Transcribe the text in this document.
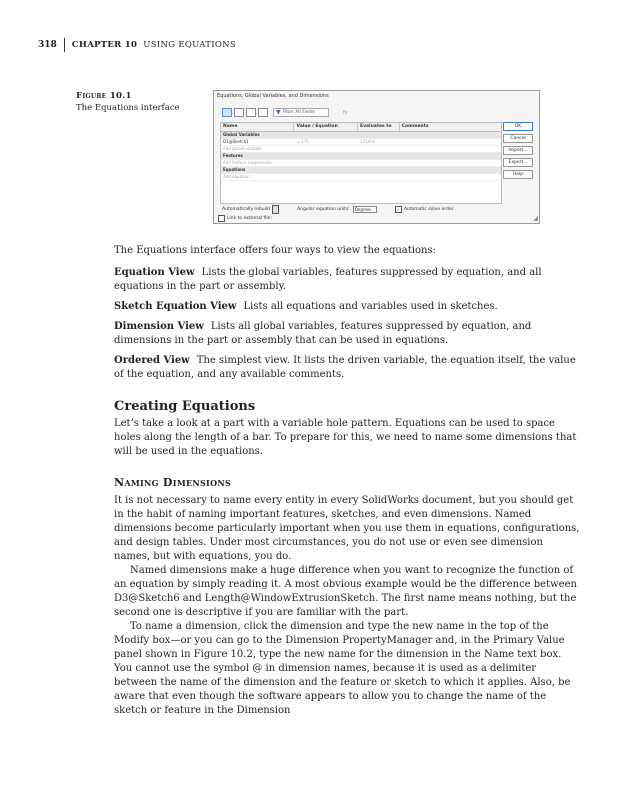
318 CHAPTER 10 USING EQUATIONS
Figure 10.1
The Equations interface
Equations, Global Variables, and Dimensions
▼ Filter All Fields	fx
Name	Value / Equation	Evaluates to	Comments
Global Variables
D1@Sketch1	= 175	175mm
Add global variable
Features
Add feature suppression
Equations
Add equation
OK
Cancel
Import...
Export...
Help
Automatically rebuild	Angular equation units:	Degrees	✓ Automatic solve order
Link to external file:	◢

The Equations interface offers four ways to view the equations:

Equation View Lists the global variables, features suppressed by equation, and all equations in the part or assembly.

Sketch Equation View Lists all equations and variables used in sketches.

Dimension View Lists all global variables, features suppressed by equation, and dimensions in the part or assembly that can be used in equations.

Ordered View The simplest view. It lists the driven variable, the equation itself, the value of the equation, and any available comments.

Creating Equations

Let’s take a look at a part with a variable hole pattern. Equations can be used to space holes along the length of a bar. To prepare for this, we need to name some dimensions that will be used in the equations.

Naming Dimensions

It is not necessary to name every entity in every SolidWorks document, but you should get in the habit of naming important features, sketches, and even dimensions. Named dimensions become particularly important when you use them in equations, configurations, and design tables. Under most circumstances, you do not use or even see dimension names, but with equations, you do.

Named dimensions make a huge difference when you want to recognize the function of an equation by simply reading it. A most obvious example would be the difference between D3@Sketch6 and Length@WindowExtrusionSketch. The first name means nothing, but the second one is descriptive if you are familiar with the part.

To name a dimension, click the dimension and type the new name in the top of the Modify box—or you can go to the Dimension PropertyManager and, in the Primary Value panel shown in Figure 10.2, type the new name for the dimension in the Name text box. You cannot use the symbol @ in dimension names, because it is used as a delimiter between the name of the dimension and the feature or sketch to which it applies. Also, be aware that even though the software appears to allow you to change the name of the sketch or feature in the Dimension
